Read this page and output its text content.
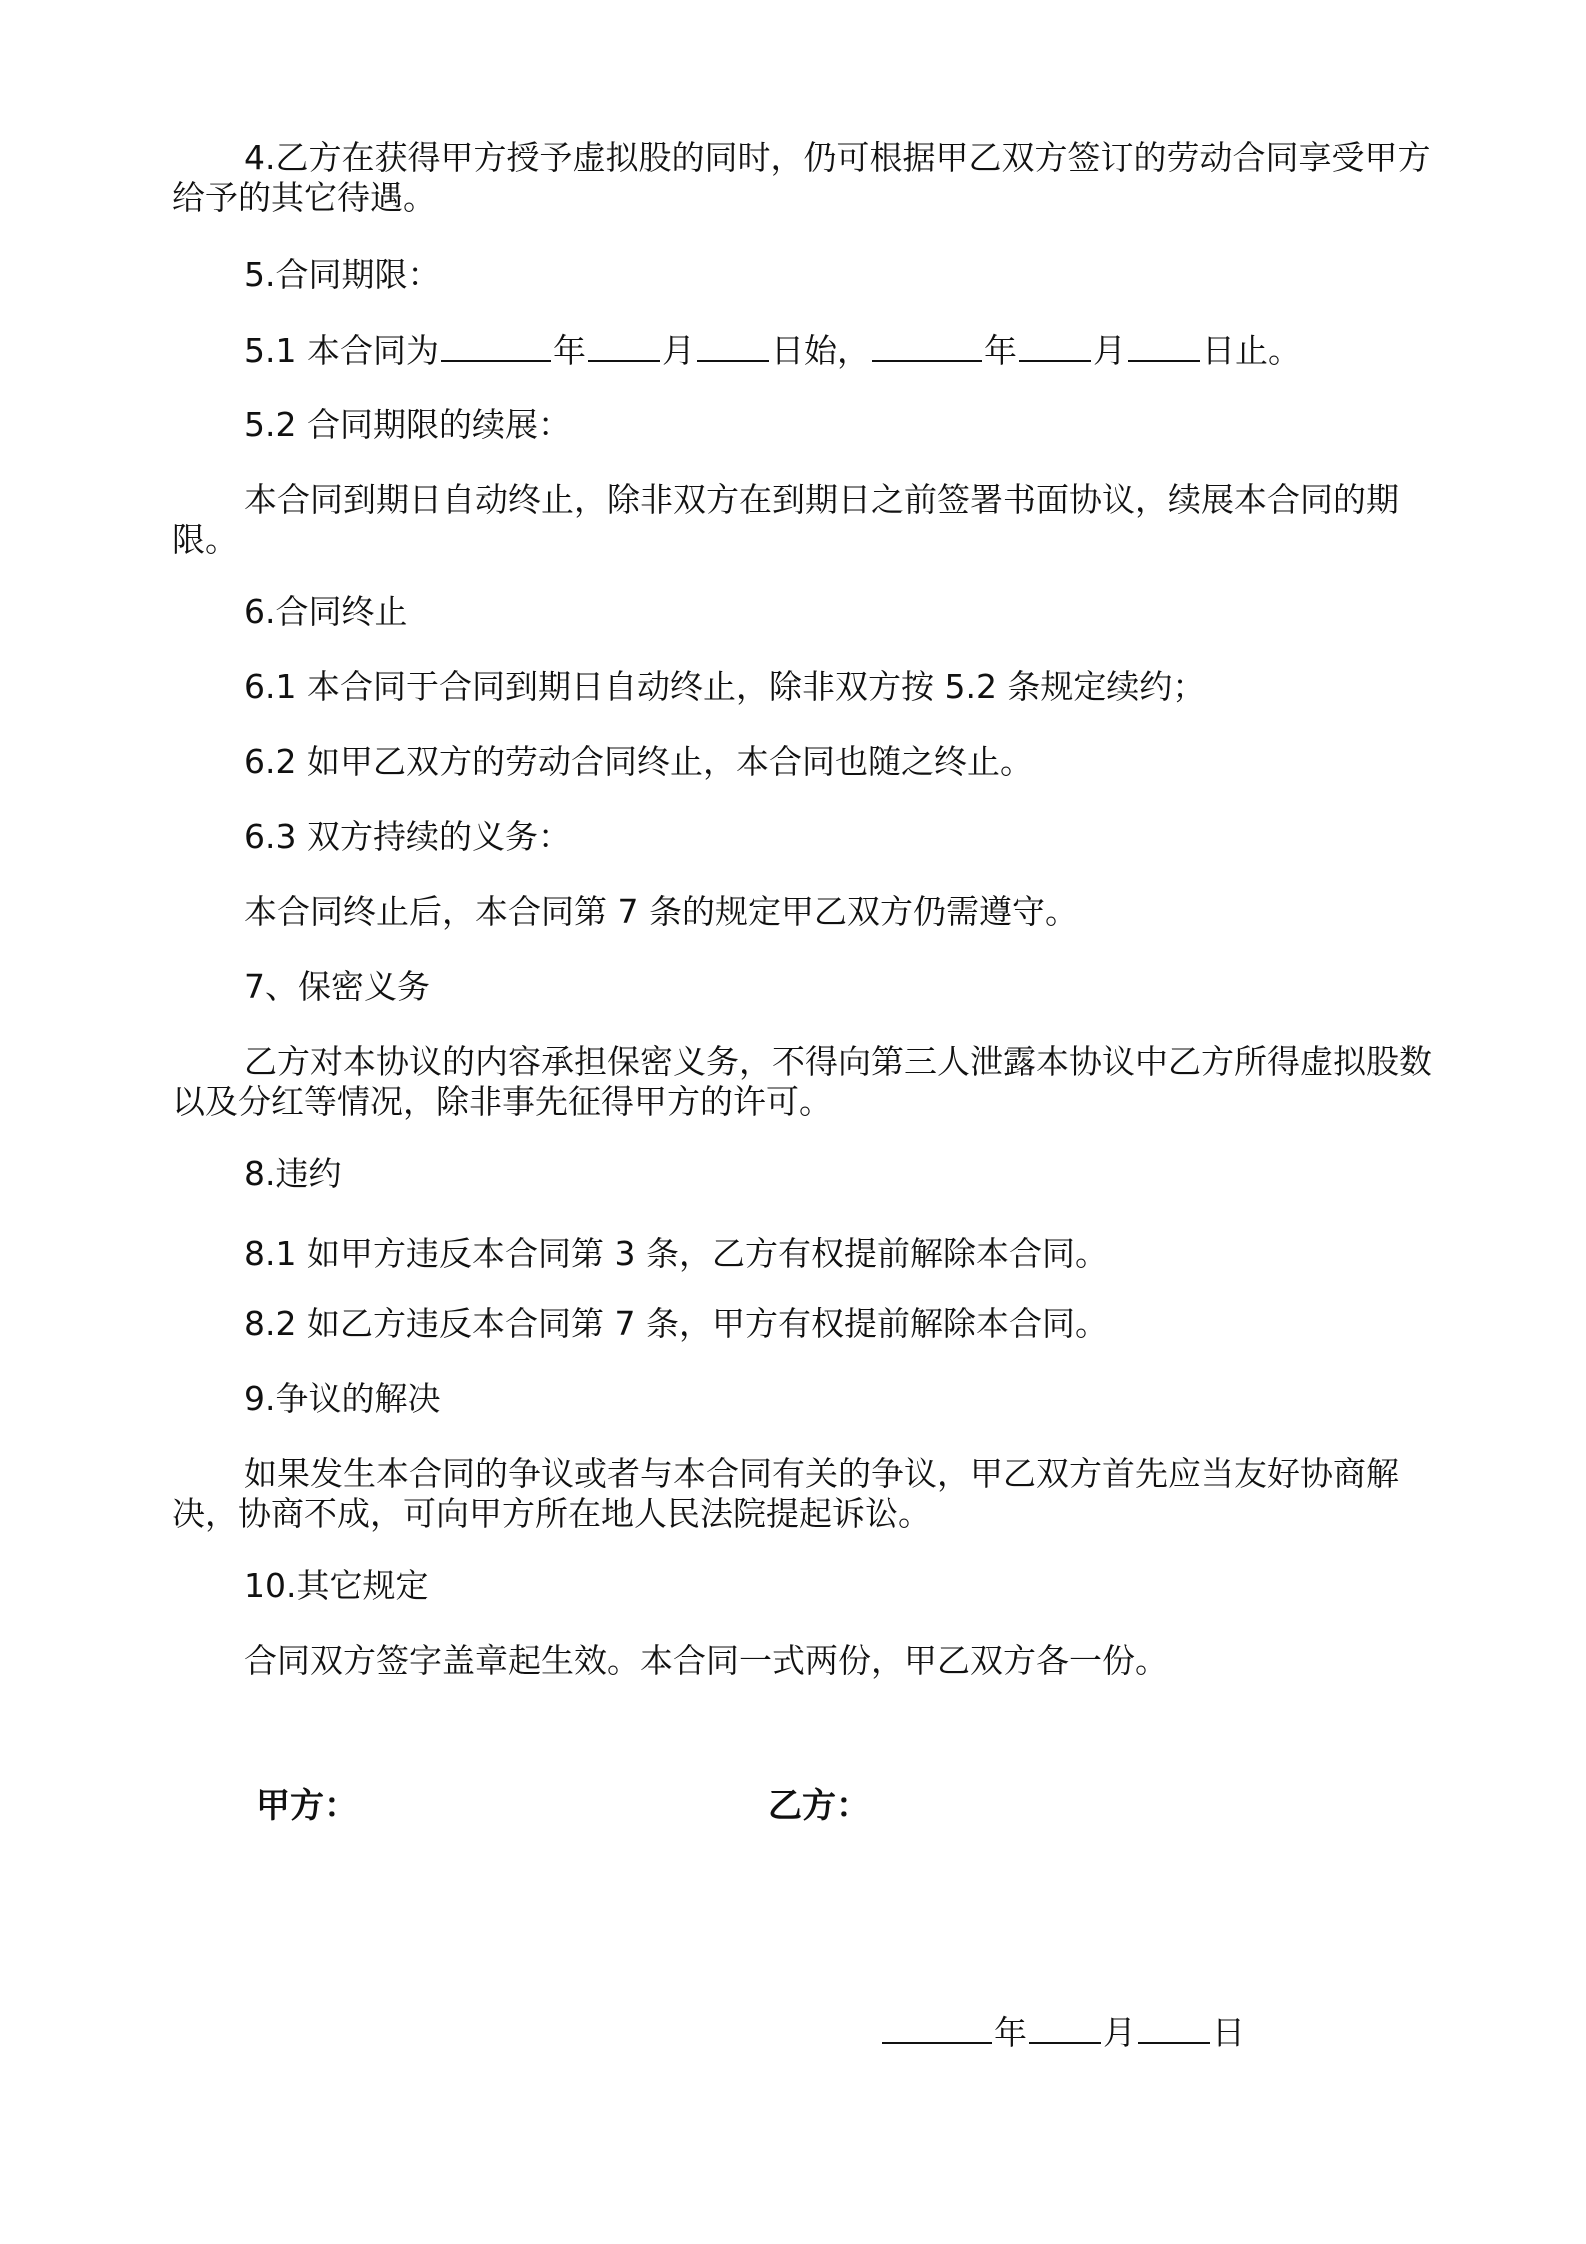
4.乙方在获得甲方授予虚拟股的同时，仍可根据甲乙双方签订的劳动合同享受甲方给予的其它待遇。
5.合同期限：
5.1 本合同为	年 月 日始，	年 月 日止。
5.2 合同期限的续展：
本合同到期日自动终止，除非双方在到期日之前签署书面协议，续展本合同的期限。
6.合同终止
6.1 本合同于合同到期日自动终止，除非双方按 5.2 条规定续约；
6.2 如甲乙双方的劳动合同终止，本合同也随之终止。
6.3 双方持续的义务：
本合同终止后，本合同第 7 条的规定甲乙双方仍需遵守。
7、保密义务
乙方对本协议的内容承担保密义务，不得向第三人泄露本协议中乙方所得虚拟股数以及分红等情况，除非事先征得甲方的许可。
8.违约
8.1 如甲方违反本合同第 3 条，乙方有权提前解除本合同。
8.2 如乙方违反本合同第 7 条，甲方有权提前解除本合同。
9.争议的解决
如果发生本合同的争议或者与本合同有关的争议，甲乙双方首先应当友好协商解决，协商不成，可向甲方所在地人民法院提起诉讼。
10.其它规定
合同双方签字盖章起生效。本合同一式两份，甲乙双方各一份。
甲方：	乙方：
年 月 日
